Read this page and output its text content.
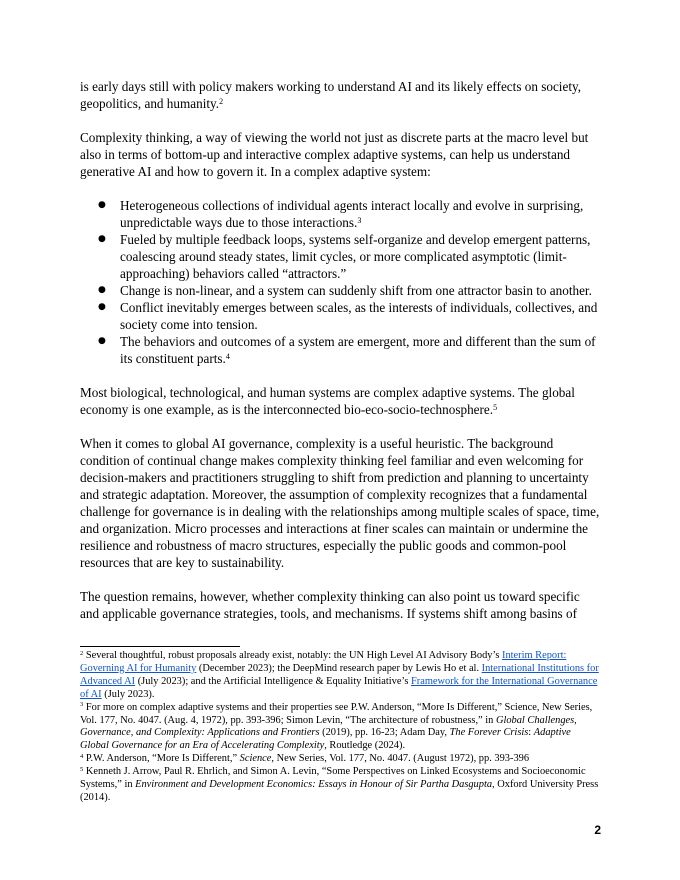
is early days still with policy makers working to understand AI and its likely effects on society, geopolitics, and humanity.$^2$

Complexity thinking, a way of viewing the world not just as discrete parts at the macro level but also in terms of bottom-up and interactive complex adaptive systems, can help us understand generative AI and how to govern it. In a complex adaptive system:

● Heterogeneous collections of individual agents interact locally and evolve in surprising, unpredictable ways due to those interactions.$^3$
● Fueled by multiple feedback loops, systems self-organize and develop emergent patterns, coalescing around steady states, limit cycles, or more complicated asymptotic (limit-approaching) behaviors called “attractors.”
● Change is non-linear, and a system can suddenly shift from one attractor basin to another.
● Conflict inevitably emerges between scales, as the interests of individuals, collectives, and society come into tension.
● The behaviors and outcomes of a system are emergent, more and different than the sum of its constituent parts.$^4$

Most biological, technological, and human systems are complex adaptive systems. The global economy is one example, as is the interconnected bio-eco-socio-technosphere.$^5$

When it comes to global AI governance, complexity is a useful heuristic. The background condition of continual change makes complexity thinking feel familiar and even welcoming for decision-makers and practitioners struggling to shift from prediction and planning to uncertainty and strategic adaptation. Moreover, the assumption of complexity recognizes that a fundamental challenge for governance is in dealing with the relationships among multiple scales of space, time, and organization. Micro processes and interactions at finer scales can maintain or undermine the resilience and robustness of macro structures, especially the public goods and common-pool resources that are key to sustainability.

The question remains, however, whether complexity thinking can also point us toward specific and applicable governance strategies, tools, and mechanisms. If systems shift among basins of

$^2$ Several thoughtful, robust proposals already exist, notably: the UN High Level AI Advisory Body’s Interim Report: Governing AI for Humanity (December 2023); the DeepMind research paper by Lewis Ho et al. International Institutions for Advanced AI (July 2023); and the Artificial Intelligence & Equality Initiative’s Framework for the International Governance of AI (July 2023).

$^3$ For more on complex adaptive systems and their properties see P.W. Anderson, “More Is Different,” Science, New Series, Vol. 177, No. 4047. (Aug. 4, 1972), pp. 393-396; Simon Levin, “The architecture of robustness,” in Global Challenges, Governance, and Complexity: Applications and Frontiers (2019), pp. 16-23; Adam Day, The Forever Crisis: Adaptive Global Governance for an Era of Accelerating Complexity, Routledge (2024).

$^4$ P.W. Anderson, “More Is Different,” Science, New Series, Vol. 177, No. 4047. (August 1972), pp. 393-396

$^5$ Kenneth J. Arrow, Paul R. Ehrlich, and Simon A. Levin, “Some Perspectives on Linked Ecosystems and Socioeconomic Systems,” in Environment and Development Economics: Essays in Honour of Sir Partha Dasgupta, Oxford University Press (2014).

2
